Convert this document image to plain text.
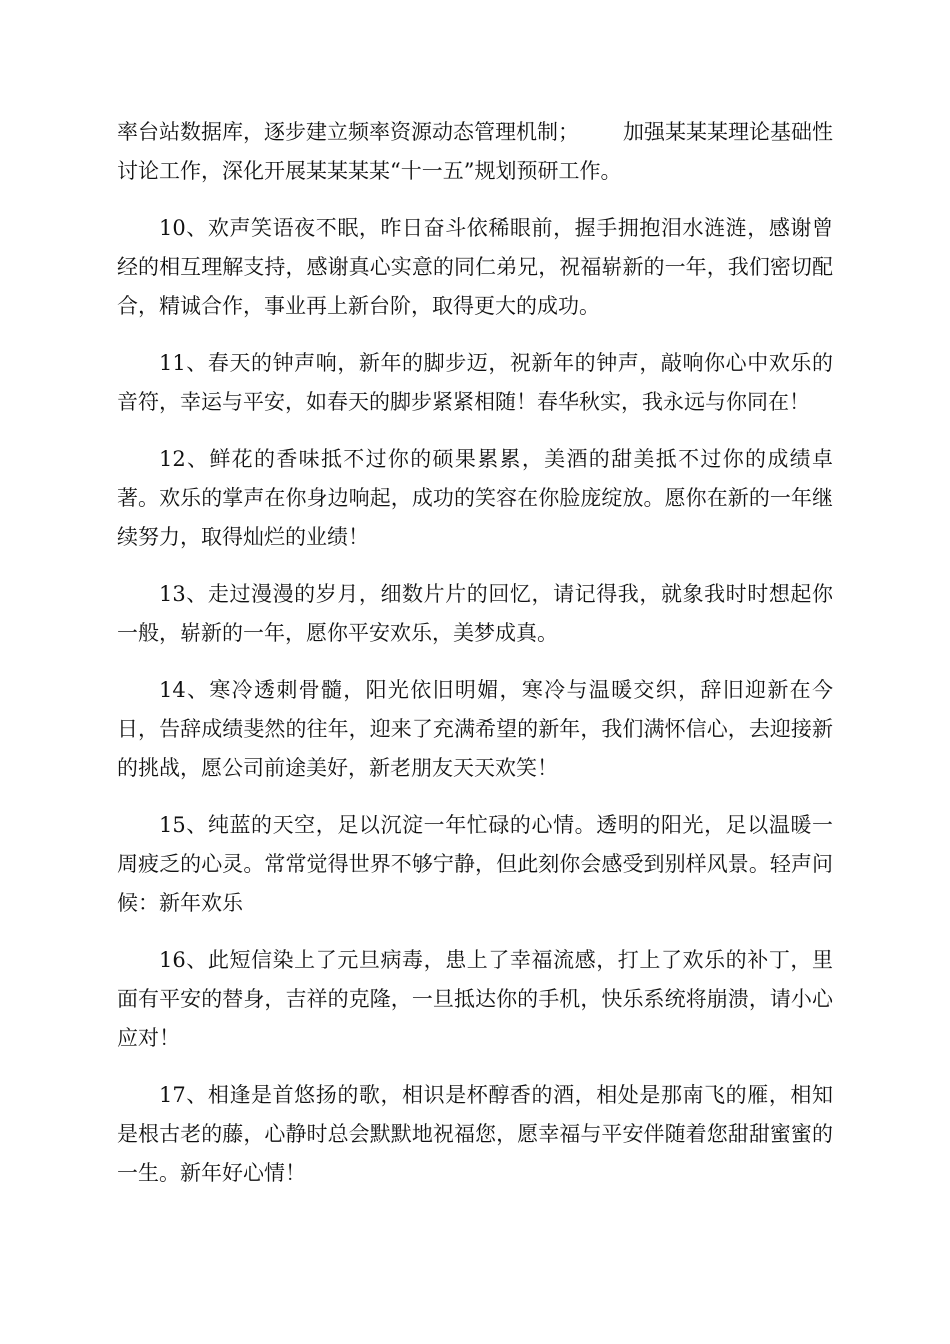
率台站数据库，逐步建立频率资源动态管理机制； 加强某某某理论基础性讨论工作，深化开展某某某某“十一五”规划预研工作。

10、欢声笑语夜不眠，昨日奋斗依稀眼前，握手拥抱泪水涟涟，感谢曾经的相互理解支持，感谢真心实意的同仁弟兄，祝福崭新的一年，我们密切配合，精诚合作，事业再上新台阶，取得更大的成功。

11、春天的钟声响，新年的脚步迈，祝新年的钟声，敲响你心中欢乐的音符，幸运与平安，如春天的脚步紧紧相随！春华秋实，我永远与你同在！

12、鲜花的香味抵不过你的硕果累累，美酒的甜美抵不过你的成绩卓著。欢乐的掌声在你身边响起，成功的笑容在你脸庞绽放。愿你在新的一年继续努力，取得灿烂的业绩！

13、走过漫漫的岁月，细数片片的回忆，请记得我，就象我时时想起你一般，崭新的一年，愿你平安欢乐，美梦成真。

14、寒冷透刺骨髓，阳光依旧明媚，寒冷与温暖交织，辞旧迎新在今日，告辞成绩斐然的往年，迎来了充满希望的新年，我们满怀信心，去迎接新的挑战，愿公司前途美好，新老朋友天天欢笑！

15、纯蓝的天空，足以沉淀一年忙碌的心情。透明的阳光，足以温暖一周疲乏的心灵。常常觉得世界不够宁静，但此刻你会感受到别样风景。轻声问候：新年欢乐

16、此短信染上了元旦病毒，患上了幸福流感，打上了欢乐的补丁，里面有平安的替身，吉祥的克隆，一旦抵达你的手机，快乐系统将崩溃，请小心应对！

17、相逢是首悠扬的歌，相识是杯醇香的酒，相处是那南飞的雁，相知是根古老的藤，心静时总会默默地祝福您，愿幸福与平安伴随着您甜甜蜜蜜的一生。新年好心情！
